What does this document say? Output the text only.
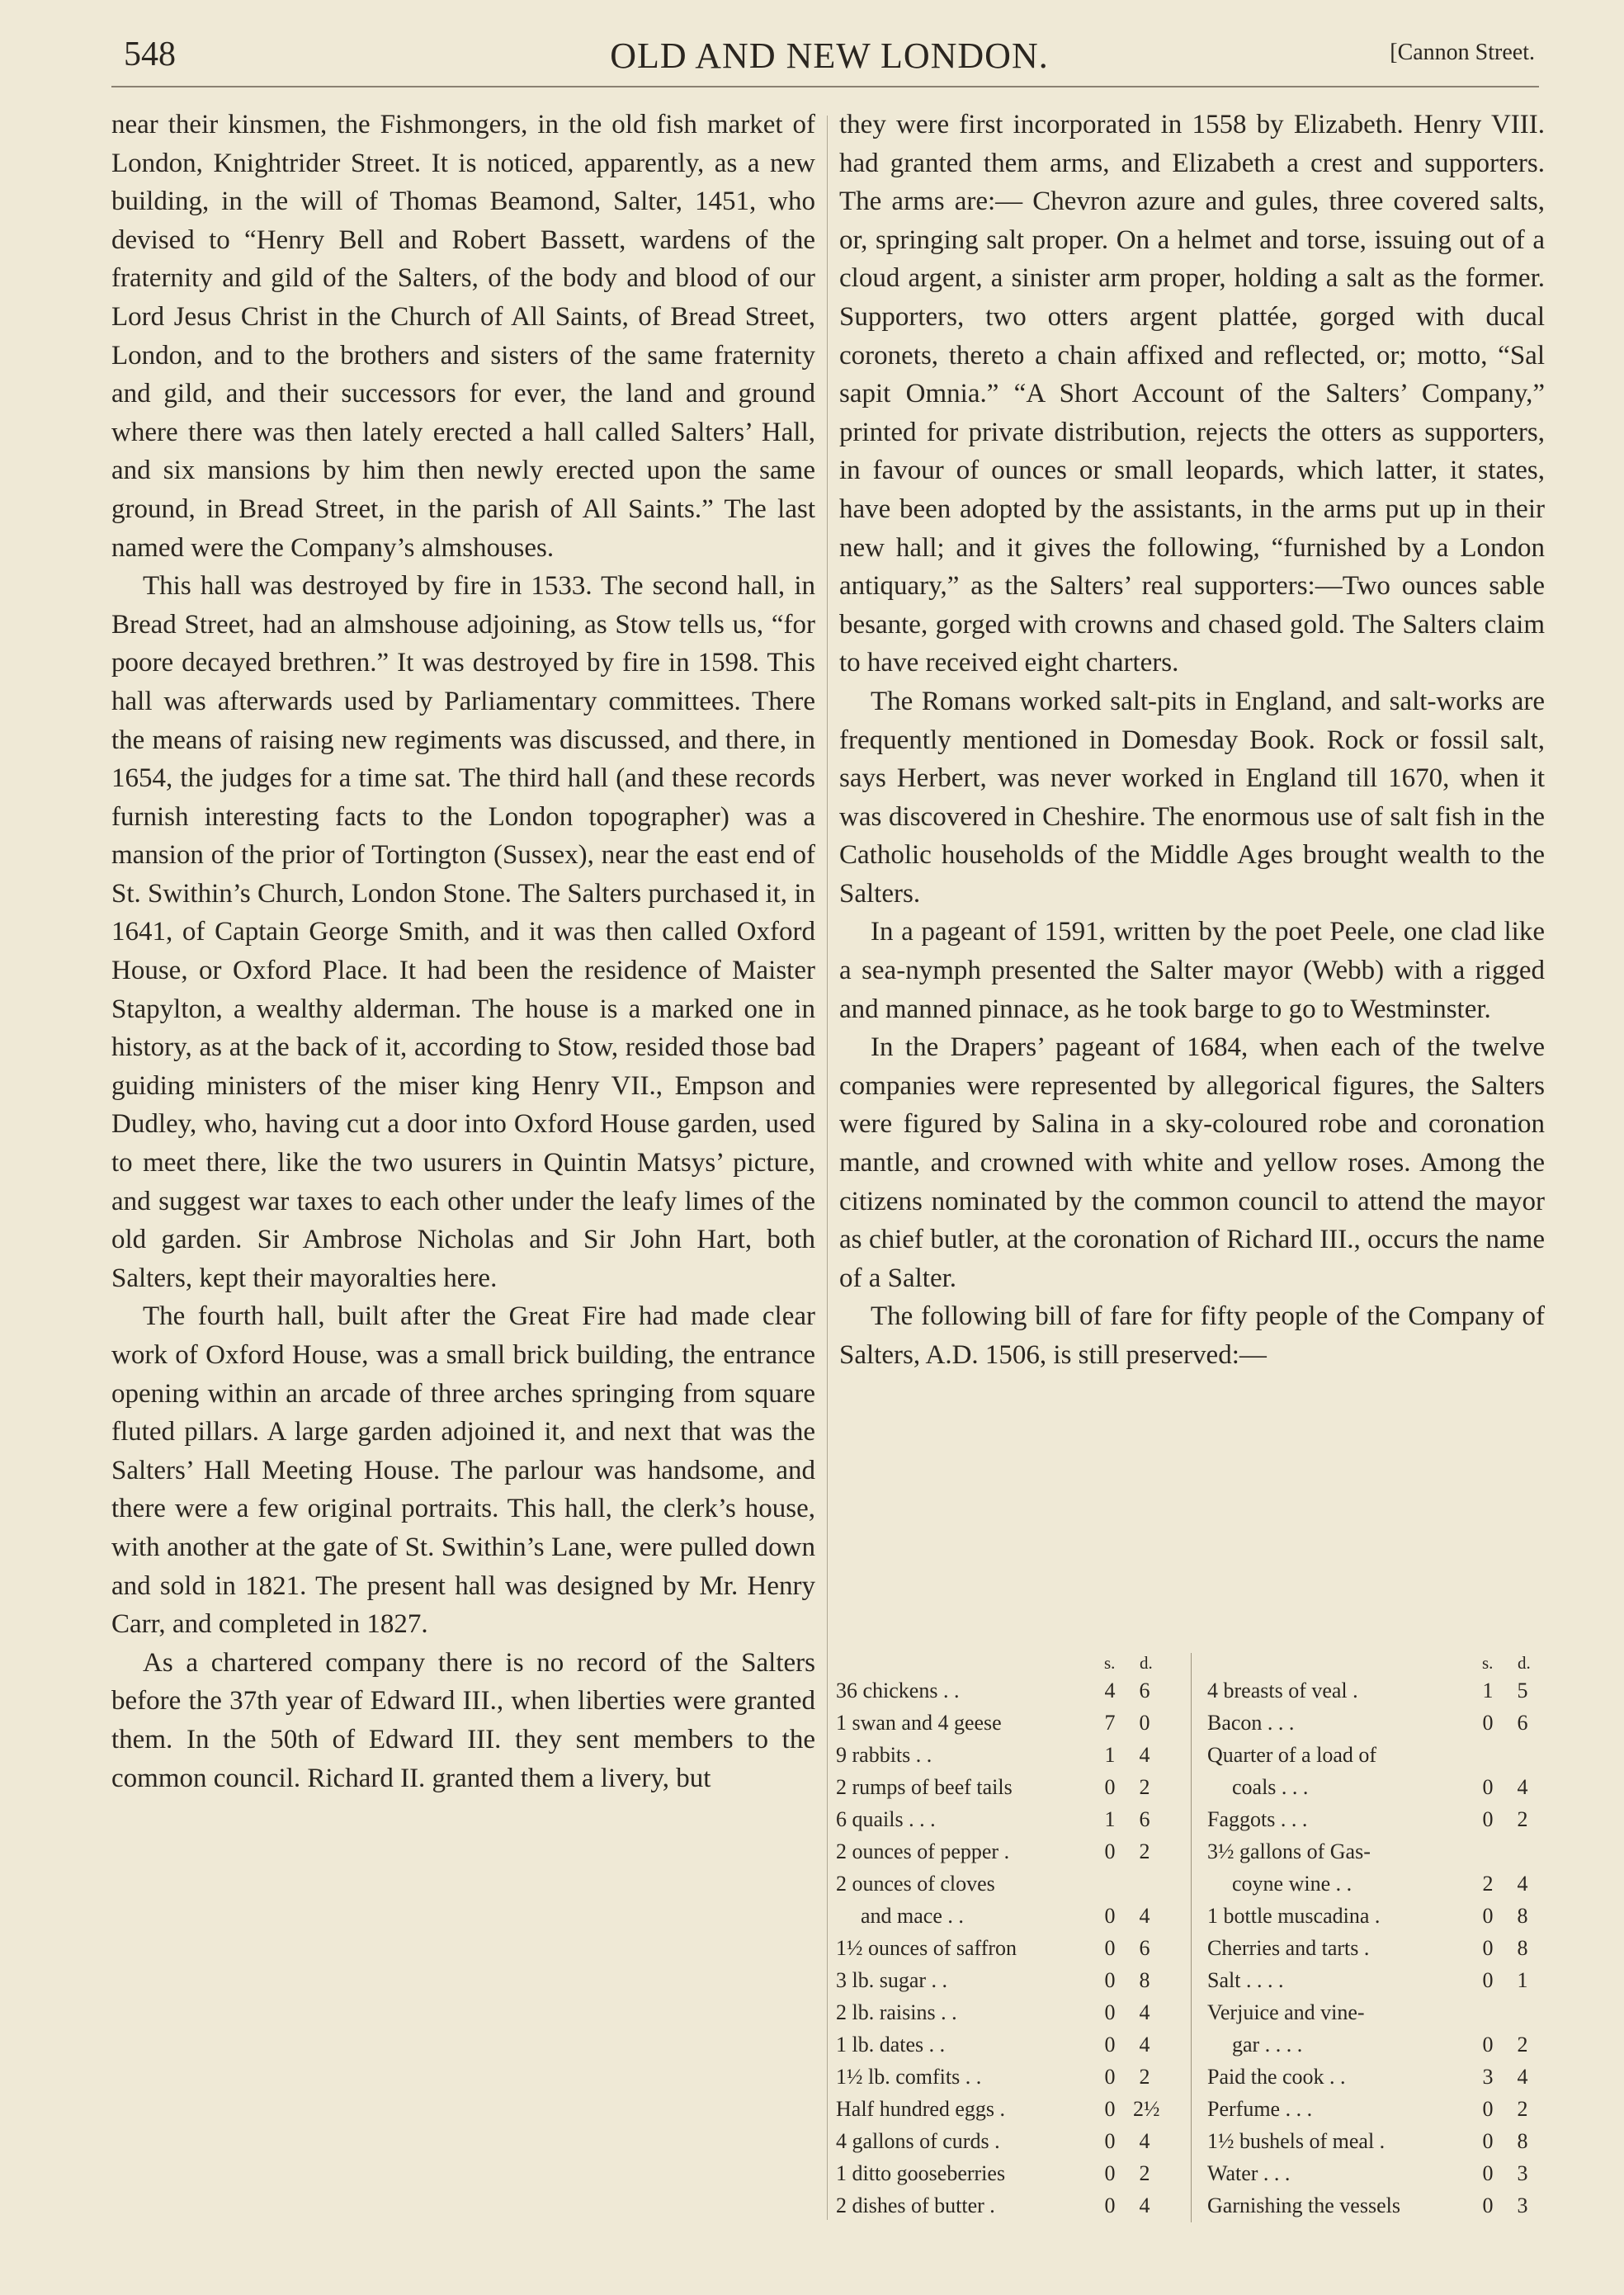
548	OLD AND NEW LONDON.	[Cannon Street.

near their kinsmen, the Fishmongers, in the old fish market of London, Knightrider Street. It is noticed, apparently, as a new building, in the will of Thomas Beamond, Salter, 1451, who devised to “Henry Bell and Robert Bassett, wardens of the fraternity and gild of the Salters, of the body and blood of our Lord Jesus Christ in the Church of All Saints, of Bread Street, London, and to the brothers and sisters of the same fraternity and gild, and their successors for ever, the land and ground where there was then lately erected a hall called Salters’ Hall, and six mansions by him then newly erected upon the same ground, in Bread Street, in the parish of All Saints.” The last named were the Company’s almshouses.

This hall was destroyed by fire in 1533. The second hall, in Bread Street, had an almshouse adjoining, as Stow tells us, “for poore decayed brethren.” It was destroyed by fire in 1598. This hall was afterwards used by Parliamentary committees. There the means of raising new regiments was discussed, and there, in 1654, the judges for a time sat. The third hall (and these records furnish interesting facts to the London topographer) was a mansion of the prior of Tortington (Sussex), near the east end of St. Swithin’s Church, London Stone. The Salters purchased it, in 1641, of Captain George Smith, and it was then called Oxford House, or Oxford Place. It had been the residence of Maister Stapylton, a wealthy alderman. The house is a marked one in history, as at the back of it, according to Stow, resided those bad guiding ministers of the miser king Henry VII., Empson and Dudley, who, having cut a door into Oxford House garden, used to meet there, like the two usurers in Quintin Matsys’ picture, and suggest war taxes to each other under the leafy limes of the old garden. Sir Ambrose Nicholas and Sir John Hart, both Salters, kept their mayoralties here.

The fourth hall, built after the Great Fire had made clear work of Oxford House, was a small brick building, the entrance opening within an arcade of three arches springing from square fluted pillars. A large garden adjoined it, and next that was the Salters’ Hall Meeting House. The parlour was handsome, and there were a few original portraits. This hall, the clerk’s house, with another at the gate of St. Swithin’s Lane, were pulled down and sold in 1821. The present hall was designed by Mr. Henry Carr, and completed in 1827.

As a chartered company there is no record of the Salters before the 37th year of Edward III., when liberties were granted them. In the 50th of Edward III. they sent members to the common council. Richard II. granted them a livery, but

they were first incorporated in 1558 by Elizabeth. Henry VIII. had granted them arms, and Elizabeth a crest and supporters. The arms are:— Chevron azure and gules, three covered salts, or, springing salt proper. On a helmet and torse, issuing out of a cloud argent, a sinister arm proper, holding a salt as the former. Supporters, two otters argent plattée, gorged with ducal coronets, thereto a chain affixed and reflected, or; motto, “Sal sapit Omnia.” “A Short Account of the Salters’ Company,” printed for private distribution, rejects the otters as supporters, in favour of ounces or small leopards, which latter, it states, have been adopted by the assistants, in the arms put up in their new hall; and it gives the following, “furnished by a London antiquary,” as the Salters’ real supporters:—Two ounces sable besante, gorged with crowns and chased gold. The Salters claim to have received eight charters.

The Romans worked salt-pits in England, and salt-works are frequently mentioned in Domesday Book. Rock or fossil salt, says Herbert, was never worked in England till 1670, when it was discovered in Cheshire. The enormous use of salt fish in the Catholic households of the Middle Ages brought wealth to the Salters.

In a pageant of 1591, written by the poet Peele, one clad like a sea-nymph presented the Salter mayor (Webb) with a rigged and manned pinnace, as he took barge to go to Westminster.

In the Drapers’ pageant of 1684, when each of the twelve companies were represented by allegorical figures, the Salters were figured by Salina in a sky-coloured robe and coronation mantle, and crowned with white and yellow roses. Among the citizens nominated by the common council to attend the mayor as chief butler, at the coronation of Richard III., occurs the name of a Salter.

The following bill of fare for fifty people of the Company of Salters, A.D. 1506, is still preserved:—

s. d.
36 chickens . .	4 6
1 swan and 4 geese	7 0
9 rabbits . .	1 4
2 rumps of beef tails	0 2
6 quails . . .	1 6
2 ounces of pepper .	0 2
2 ounces of cloves
and mace . .	0 4
1½ ounces of saffron	0 6
3 lb. sugar . .	0 8
2 lb. raisins . .	0 4
1 lb. dates . .	0 4
1½ lb. comfits . .	0 2
Half hundred eggs .	0 2½
4 gallons of curds .	0 4
1 ditto gooseberries	0 2
2 dishes of butter .	0 4
s. d.
4 breasts of veal .	1 5
Bacon . . .	0 6
Quarter of a load of
coals . . .	0 4
Faggots . . .	0 2
3½ gallons of Gas-
coyne wine . .	2 4
1 bottle muscadina .	0 8
Cherries and tarts .	0 8
Salt . . . .	0 1
Verjuice and vine-
gar . . . .	0 2
Paid the cook . .	3 4
Perfume . . .	0 2
1½ bushels of meal .	0 8
Water . . .	0 3
Garnishing the vessels	0 3
